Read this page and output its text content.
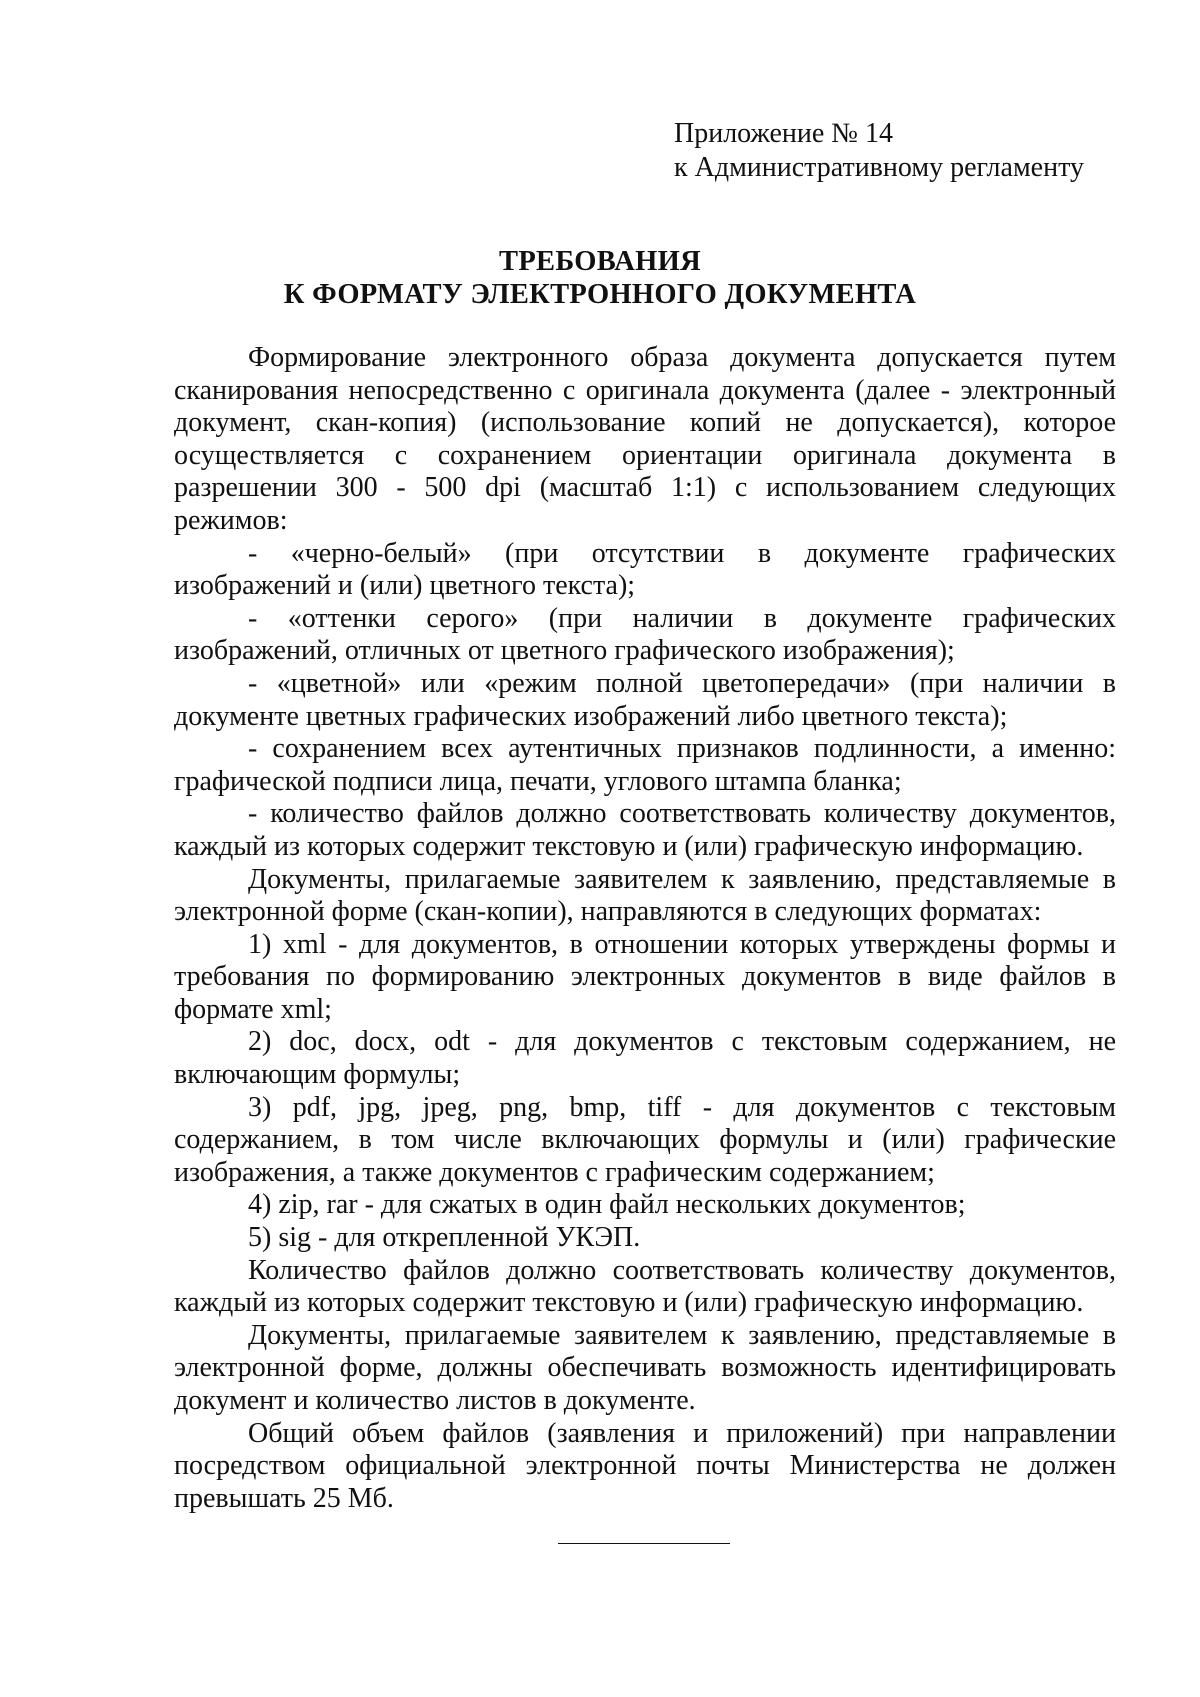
Приложение № 14
к Административному регламенту
ТРЕБОВАНИЯ
К ФОРМАТУ ЭЛЕКТРОННОГО ДОКУМЕНТА

Формирование электронного образа документа допускается путем сканирования непосредственно с оригинала документа (далее - электронный документ, скан-копия) (использование копий не допускается), которое осуществляется с сохранением ориентации оригинала документа в разрешении 300 - 500 dpi (масштаб 1:1) с использованием следующих режимов:

- «черно-белый» (при отсутствии в документе графических изображений и (или) цветного текста);

- «оттенки серого» (при наличии в документе графических изображений, отличных от цветного графического изображения);

- «цветной» или «режим полной цветопередачи» (при наличии в документе цветных графических изображений либо цветного текста);

- сохранением всех аутентичных признаков подлинности, а именно: графической подписи лица, печати, углового штампа бланка;

- количество файлов должно соответствовать количеству документов, каждый из которых содержит текстовую и (или) графическую информацию.

Документы, прилагаемые заявителем к заявлению, представляемые в электронной форме (скан-копии), направляются в следующих форматах:

1) xml - для документов, в отношении которых утверждены формы и требования по формированию электронных документов в виде файлов в формате xml;

2) doc, docx, odt - для документов с текстовым содержанием, не включающим формулы;

3) pdf, jpg, jpeg, png, bmp, tiff - для документов с текстовым содержанием, в том числе включающих формулы и (или) графические изображения, а также документов с графическим содержанием;

4) zip, rar - для сжатых в один файл нескольких документов;

5) sig - для открепленной УКЭП.

Количество файлов должно соответствовать количеству документов, каждый из которых содержит текстовую и (или) графическую информацию.

Документы, прилагаемые заявителем к заявлению, представляемые в электронной форме, должны обеспечивать возможность идентифицировать документ и количество листов в документе.

Общий объем файлов (заявления и приложений) при направлении посредством официальной электронной почты Министерства не должен превышать 25 Мб.
